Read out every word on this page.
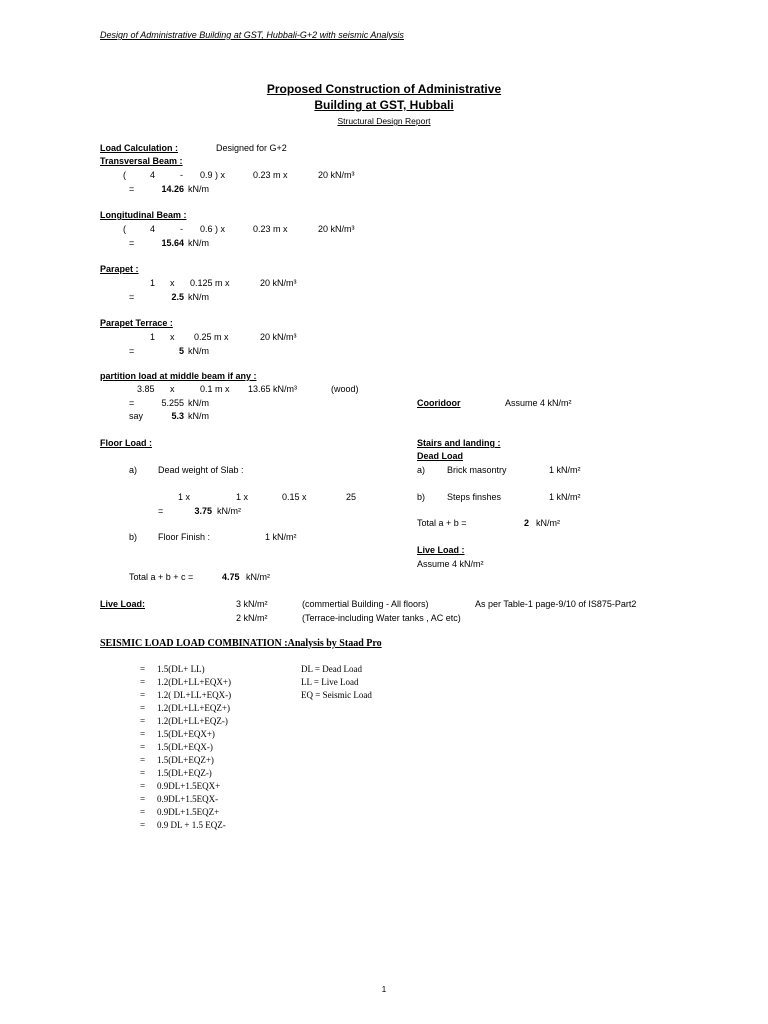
Design of Administrative Building at GST, Hubbali-G+2 with seismic Analysis
Proposed Construction of Administrative
Building at GST, Hubbali
Structural Design Report
Load Calculation :	Designed for G+2
Transversal Beam :
(	4	- 0.9 ) x	0.23 m x	20 kN/m³
=	14.26 kN/m
Longitudinal Beam :
(	4	- 0.6 ) x	0.23 m x	20 kN/m³
=	15.64 kN/m
Parapet :
1 x 0.125 m x	20 kN/m³
=	2.5 kN/m
Parapet Terrace :
1 x 0.25 m x	20 kN/m³
=	5 kN/m
partition load at middle beam if any :
3.85 x	0.1 m x 13.65 kN/m³	(wood)
=	5.255 kN/m
say	5.3 kN/m
Cooridoor	Assume 4 kN/m²
Floor Load :
a) Dead weight of Slab :
1 x	1 x	0.15 x	25
=	3.75 kN/m²
b) Floor Finish :	1 kN/m²
Total a + b + c =	4.75 kN/m²
Stairs and landing :
Dead Load
a) Brick masontry	1 kN/m²
b) Steps finshes	1 kN/m²
Total a + b =	2 kN/m²
Live Load :
Assume 4 kN/m²
Live Load:	3 kN/m²	(commertial Building - All floors)	As per Table-1 page-9/10 of IS875-Part2
2 kN/m²	(Terrace-including Water tanks , AC etc)
SEISMIC LOAD LOAD COMBINATION :Analysis by Staad Pro
= 1.5(DL+ LL)
= 1.2(DL+LL+EQX+)
= 1.2( DL+LL+EQX-)
= 1.2(DL+LL+EQZ+)
= 1.2(DL+LL+EQZ-)
= 1.5(DL+EQX+)
= 1.5(DL+EQX-)
= 1.5(DL+EQZ+)
= 1.5(DL+EQZ-)
= 0.9DL+1.5EQX+
= 0.9DL+1.5EQX-
= 0.9DL+1.5EQZ+
= 0.9 DL + 1.5 EQZ-
DL = Dead Load
LL = Live Load
EQ = Seismic Load
1
